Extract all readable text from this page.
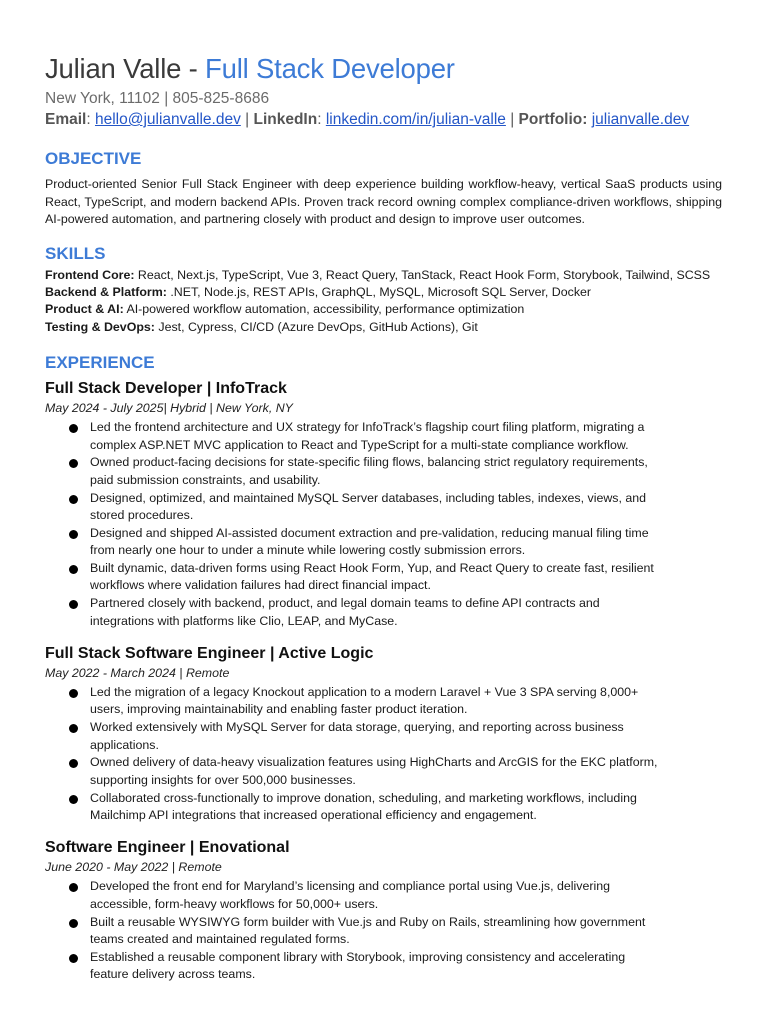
Julian Valle - Full Stack Developer
New York, 11102 | 805-825-8686
Email: hello@julianvalle.dev | LinkedIn: linkedin.com/in/julian-valle | Portfolio: julianvalle.dev
OBJECTIVE
Product-oriented Senior Full Stack Engineer with deep experience building workflow-heavy, vertical SaaS products using React, TypeScript, and modern backend APIs. Proven track record owning complex compliance-driven workflows, shipping AI-powered automation, and partnering closely with product and design to improve user outcomes.
SKILLS
Frontend Core: React, Next.js, TypeScript, Vue 3, React Query, TanStack, React Hook Form, Storybook, Tailwind, SCSS
Backend & Platform: .NET, Node.js, REST APIs, GraphQL, MySQL, Microsoft SQL Server, Docker
Product & AI: AI-powered workflow automation, accessibility, performance optimization
Testing & DevOps: Jest, Cypress, CI/CD (Azure DevOps, GitHub Actions), Git
EXPERIENCE
Full Stack Developer | InfoTrack
May 2024 - July 2025| Hybrid | New York, NY
Led the frontend architecture and UX strategy for InfoTrack’s flagship court filing platform, migrating a complex ASP.NET MVC application to React and TypeScript for a multi-state compliance workflow.
Owned product-facing decisions for state-specific filing flows, balancing strict regulatory requirements, paid submission constraints, and usability.
Designed, optimized, and maintained MySQL Server databases, including tables, indexes, views, and stored procedures.
Designed and shipped AI-assisted document extraction and pre-validation, reducing manual filing time from nearly one hour to under a minute while lowering costly submission errors.
Built dynamic, data-driven forms using React Hook Form, Yup, and React Query to create fast, resilient workflows where validation failures had direct financial impact.
Partnered closely with backend, product, and legal domain teams to define API contracts and integrations with platforms like Clio, LEAP, and MyCase.
Full Stack Software Engineer | Active Logic
May 2022 - March 2024 | Remote
Led the migration of a legacy Knockout application to a modern Laravel + Vue 3 SPA serving 8,000+ users, improving maintainability and enabling faster product iteration.
Worked extensively with MySQL Server for data storage, querying, and reporting across business applications.
Owned delivery of data-heavy visualization features using HighCharts and ArcGIS for the EKC platform, supporting insights for over 500,000 businesses.
Collaborated cross-functionally to improve donation, scheduling, and marketing workflows, including Mailchimp API integrations that increased operational efficiency and engagement.
Software Engineer | Enovational
June 2020 - May 2022 | Remote
Developed the front end for Maryland’s licensing and compliance portal using Vue.js, delivering accessible, form-heavy workflows for 50,000+ users.
Built a reusable WYSIWYG form builder with Vue.js and Ruby on Rails, streamlining how government teams created and maintained regulated forms.
Established a reusable component library with Storybook, improving consistency and accelerating feature delivery across teams.
